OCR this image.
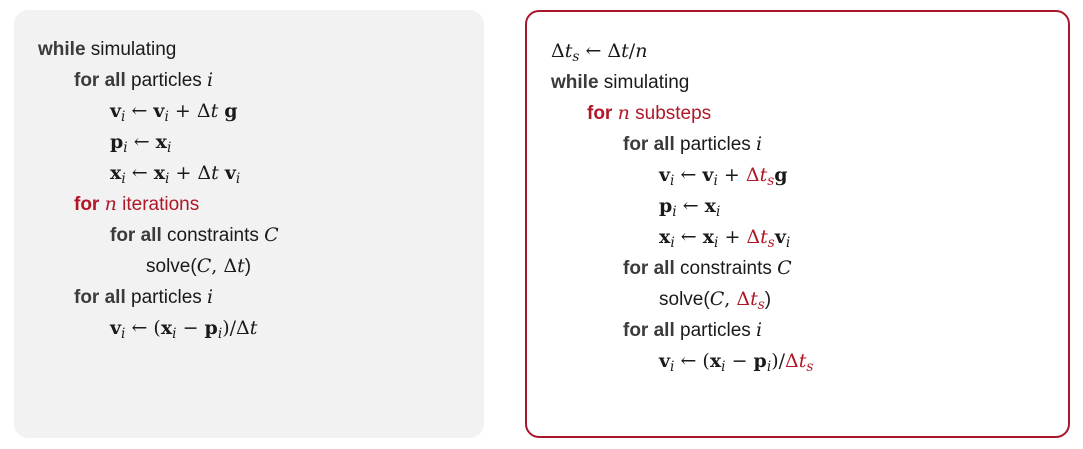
while simulating
for all particles i
$v_i$ ← $v_i + \Delta t$ g
$p_i$ ← $x_i$
$x_i$ ← $x_i + \Delta t$ $v_i$
for n iterations
for all constraints C
solve(C, Δt)
for all particles i
$v_i$ ← $(x_i - p_i)/\Delta t$
$\Delta t_s$ ← Δt/n
while simulating
for n substeps
for all particles i
$v_i$ ← $v_i + \Delta t_sg$
$p_i$ ← $x_i$
$x_i$ ← $x_i + \Delta t_sv_i$
for all constraints C
solve(C, $\Delta t_s$)
for all particles i
$v_i$ ← $(x_i - p_i)/\Delta t_s$
